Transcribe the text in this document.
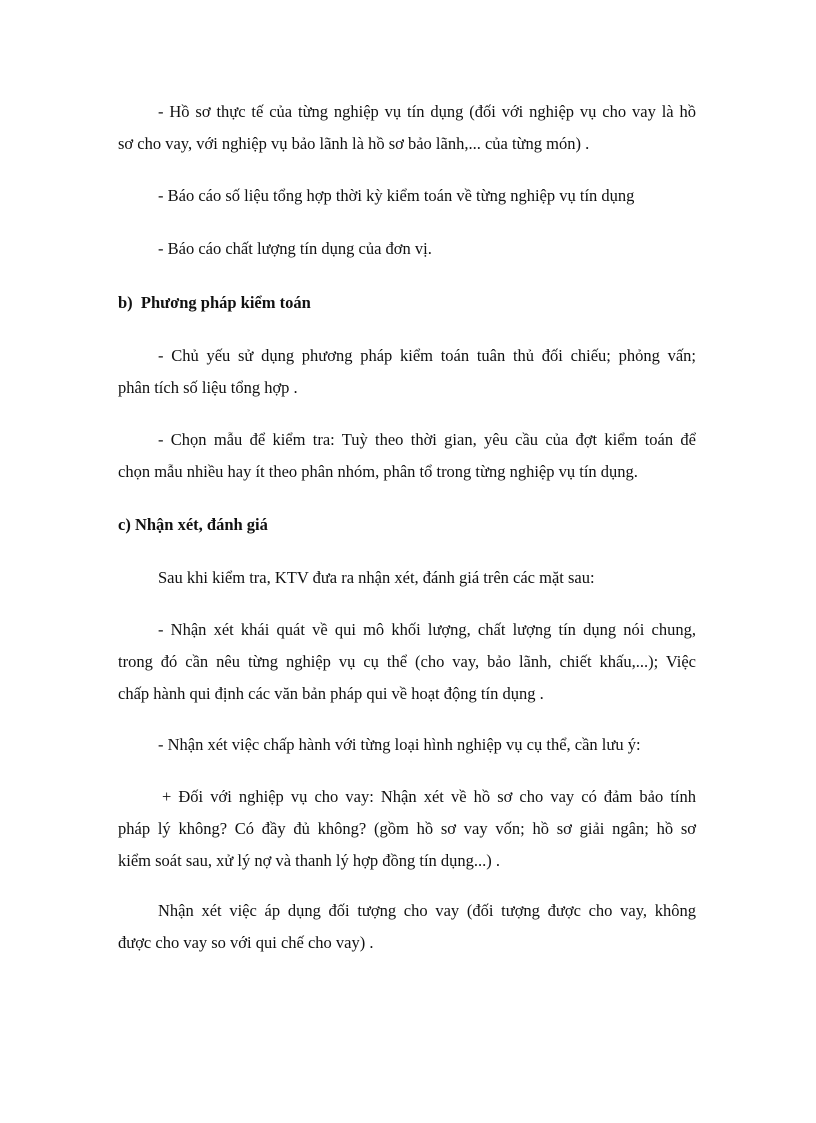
- Hồ sơ thực tế của từng nghiệp vụ tín dụng (đối với nghiệp vụ cho vay là hồ
sơ cho vay, với nghiệp vụ bảo lãnh là hồ sơ bảo lãnh,... của từng món) .
- Báo cáo số liệu tổng hợp thời kỳ kiểm toán về từng nghiệp vụ tín dụng
- Báo cáo chất lượng tín dụng của đơn vị.
b)  Phương pháp kiểm toán
- Chủ yếu sử dụng phương pháp kiểm toán tuân thủ đối chiếu; phỏng vấn;
phân tích số liệu tổng hợp .
- Chọn mẫu để kiểm tra: Tuỳ theo thời gian, yêu cầu của đợt kiểm toán để
chọn mẫu nhiều hay ít theo phân nhóm, phân tổ trong từng nghiệp vụ tín dụng.
c) Nhận xét, đánh giá
Sau khi kiểm tra, KTV đưa ra nhận xét, đánh giá trên các mặt sau:
- Nhận xét khái quát về qui mô khối lượng, chất lượng tín dụng nói chung,
trong đó cần nêu từng nghiệp vụ cụ thể (cho vay, bảo lãnh, chiết khấu,...); Việc
chấp hành qui định các văn bản pháp qui về hoạt động tín dụng .
- Nhận xét việc chấp hành với từng loại hình nghiệp vụ cụ thể, cần lưu ý:
+ Đối với nghiệp vụ cho vay: Nhận xét về hồ sơ cho vay có đảm bảo tính
pháp lý không? Có đầy đủ không? (gồm hồ sơ vay vốn; hồ sơ giải ngân; hồ sơ
kiểm soát sau, xử lý nợ và thanh lý hợp đồng tín dụng...) .
Nhận xét việc áp dụng đối tượng cho vay (đối tượng được cho vay, không
được cho vay so với qui chế cho vay) .
